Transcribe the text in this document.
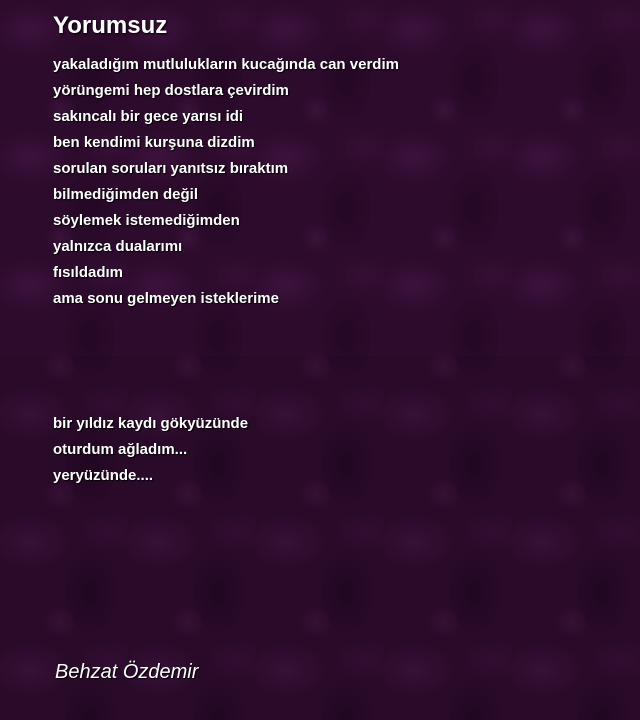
Yorumsuz
yakaladığım mutlulukların kucağında can verdim
yörüngemi hep dostlara çevirdim
sakıncalı bir gece yarısı idi
ben kendimi kurşuna dizdim
sorulan soruları yanıtsız bıraktım
bilmediğimden değil
söylemek istemediğimden
yalnızca dualarımı
fısıldadım
ama sonu gelmeyen isteklerime
bir yıldız kaydı gökyüzünde
oturdum ağladım...
yeryüzünde....

Behzat Özdemir
